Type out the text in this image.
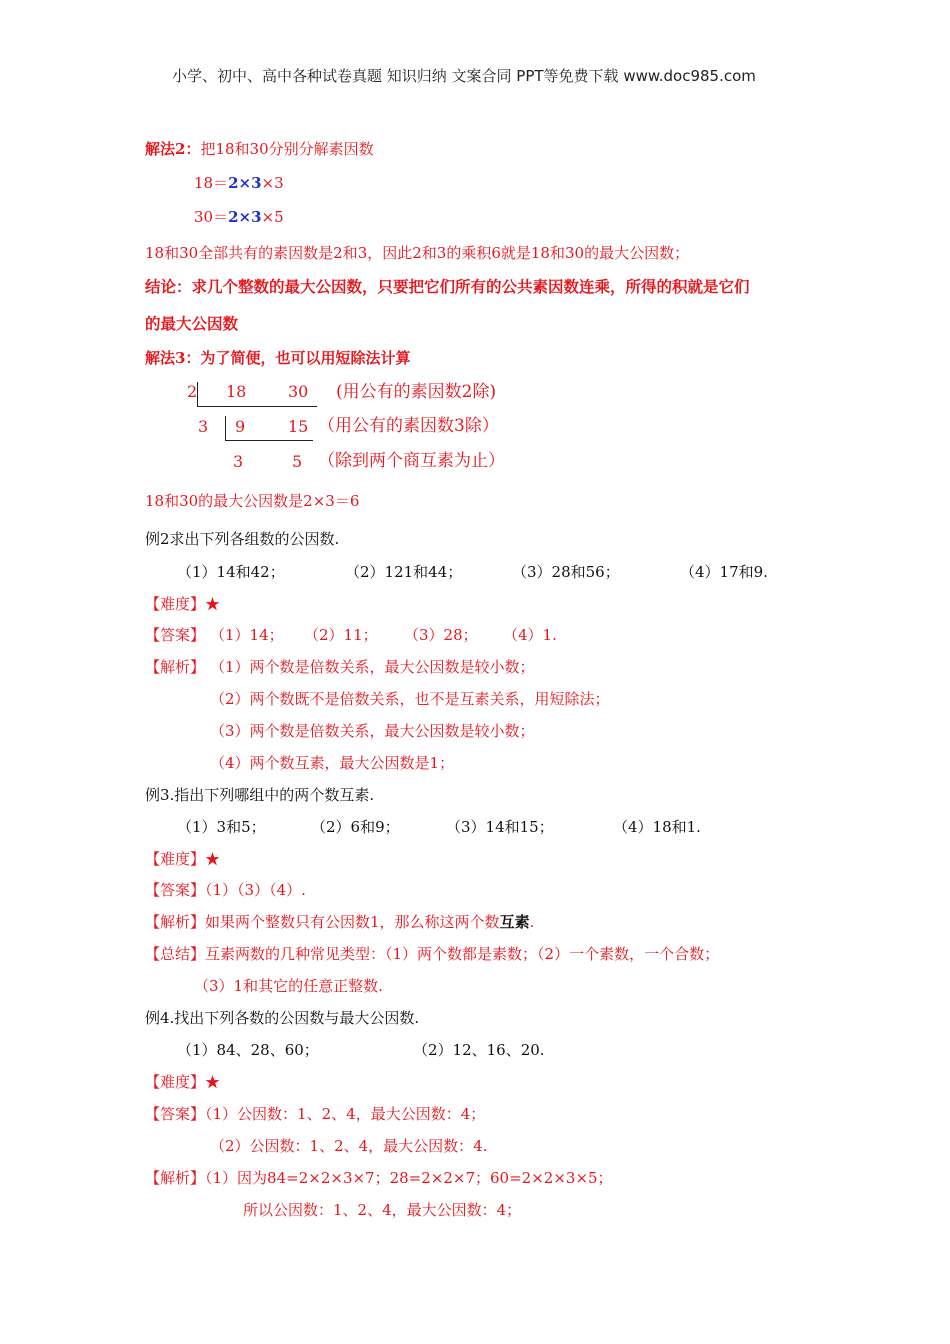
小学、初中、高中各种试卷真题 知识归纳 文案合同 PPT等免费下载 www.doc985.com
解法2：把18和30分别分解素因数
18＝2×3×3
30＝2×3×5
18和30全部共有的素因数是2和3，因此2和3的乘积6就是18和30的最大公因数；
结论：求几个整数的最大公因数，只要把它们所有的公共素因数连乘，所得的积就是它们
的最大公因数
解法3：为了简便，也可以用短除法计算
2 18	30 (用公有的素因数2除)
3 9	15 （用公有的素因数3除）
3	5 （除到两个商互素为止）
18和30的最大公因数是2×3＝6
例2求出下列各组数的公因数.
（1）14和42；	（2）121和44；	（3）28和56；	（4）17和9.
【难度】★
【答案】 （1）14； （2）11； （3）28； （4）1.
【解析】 （1）两个数是倍数关系，最大公因数是较小数；
（2）两个数既不是倍数关系，也不是互素关系，用短除法；
（3）两个数是倍数关系，最大公因数是较小数；
（4）两个数互素，最大公因数是1；
例3.指出下列哪组中的两个数互素.
（1）3和5；	（2）6和9；	（3）14和15；	（4）18和1.
【难度】★
【答案】（1）（3）（4）.
【解析】如果两个整数只有公因数1，那么称这两个数互素.
【总结】互素两数的几种常见类型：（1）两个数都是素数；（2）一个素数，一个合数；
（3）1和其它的任意正整数.
例4.找出下列各数的公因数与最大公因数.
（1）84、28、60；	（2）12、16、20.
【难度】★
【答案】（1）公因数：1、2、4，最大公因数：4；
（2）公因数：1、2、4，最大公因数：4.
【解析】（1）因为84=2×2×3×7；28=2×2×7；60=2×2×3×5；
所以公因数：1、2、4，最大公因数：4；
